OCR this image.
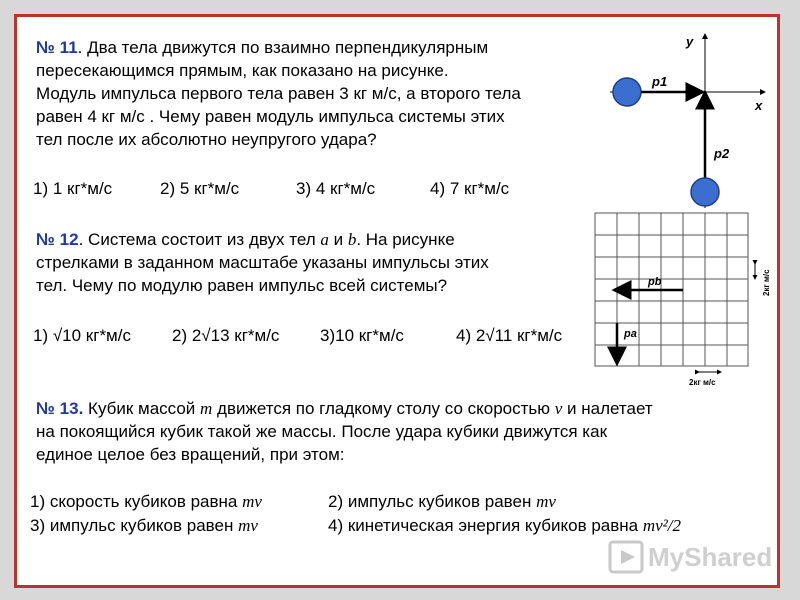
№ 11. Два тела движутся по взаимно перпендикулярным
пересекающимся прямым, как показано на рисунке.
Модуль импульса первого тела равен 3 кг м/с, а второго тела
равен 4 кг м/с . Чему равен модуль импульса системы этих
тел после их абсолютно неупругого удара?
1) 1 кг*м/с	2) 5 кг*м/с	3) 4 кг*м/с	4) 7 кг*м/с
y
x
p1
p2
№ 12. Система состоит из двух тел a и b. На рисунке
стрелками в заданном масштабе указаны импульсы этих
тел. Чему по модулю равен импульс всей системы?
1) √10 кг*м/с 2) 2√13 кг*м/с 3)10 кг*м/с	4) 2√11 кг*м/с
pb
pa
2кг м/с
2кг м/с
№ 13. Кубик массой m движется по гладкому столу со скоростью v и налетает
на покоящийся кубик такой же массы. После удара кубики движутся как
единое целое без вращений, при этом:
1) скорость кубиков равна mv	2) импульс кубиков равен mv
3) импульс кубиков равен mv	4) кинетическая энергия кубиков равна mv²/2
MyShared
